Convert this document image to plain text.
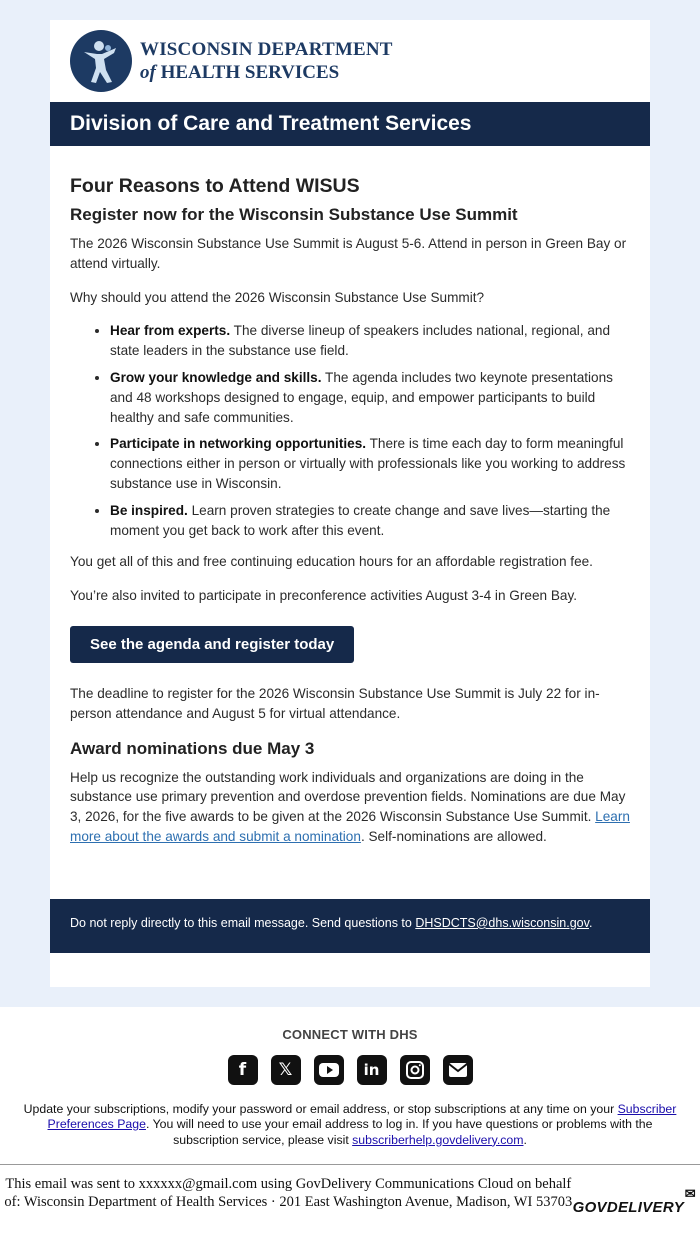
WISCONSIN DEPARTMENT
of HEALTH SERVICES
Division of Care and Treatment Services
Four Reasons to Attend WISUS
Register now for the Wisconsin Substance Use Summit

The 2026 Wisconsin Substance Use Summit is August 5-6. Attend in person in Green Bay or attend virtually.

Why should you attend the 2026 Wisconsin Substance Use Summit?

• Hear from experts. The diverse lineup of speakers includes national, regional, and state leaders in the substance use field.
• Grow your knowledge and skills. The agenda includes two keynote presentations and 48 workshops designed to engage, equip, and empower participants to build healthy and safe communities.
• Participate in networking opportunities. There is time each day to form meaningful connections either in person or virtually with professionals like you working to address substance use in Wisconsin.
• Be inspired. Learn proven strategies to create change and save lives—starting the moment you get back to work after this event.

You get all of this and free continuing education hours for an affordable registration fee.

You’re also invited to participate in preconference activities August 3-4 in Green Bay.

See the agenda and register today

The deadline to register for the 2026 Wisconsin Substance Use Summit is July 22 for in-person attendance and August 5 for virtual attendance.

Award nominations due May 3

Help us recognize the outstanding work individuals and organizations are doing in the substance use primary prevention and overdose prevention fields. Nominations are due May 3, 2026, for the five awards to be given at the 2026 Wisconsin Substance Use Summit. Learn more about the awards and submit a nomination. Self-nominations are allowed.

Do not reply directly to this email message. Send questions to DHSDCTS@dhs.wisconsin.gov.
CONNECT WITH DHS
f	𝕏	in
Update your subscriptions, modify your password or email address, or stop subscriptions at any time on your Subscriber Preferences Page. You will need to use your email address to log in. If you have questions or problems with the subscription service, please visit subscriberhelp.govdelivery.com.
This email was sent to xxxxxx@gmail.com using GovDelivery Communications Cloud on behalf of: Wisconsin Department of Health Services · 201 East Washington Avenue, Madison, WI 53703 GOVDELIVERY
✉
